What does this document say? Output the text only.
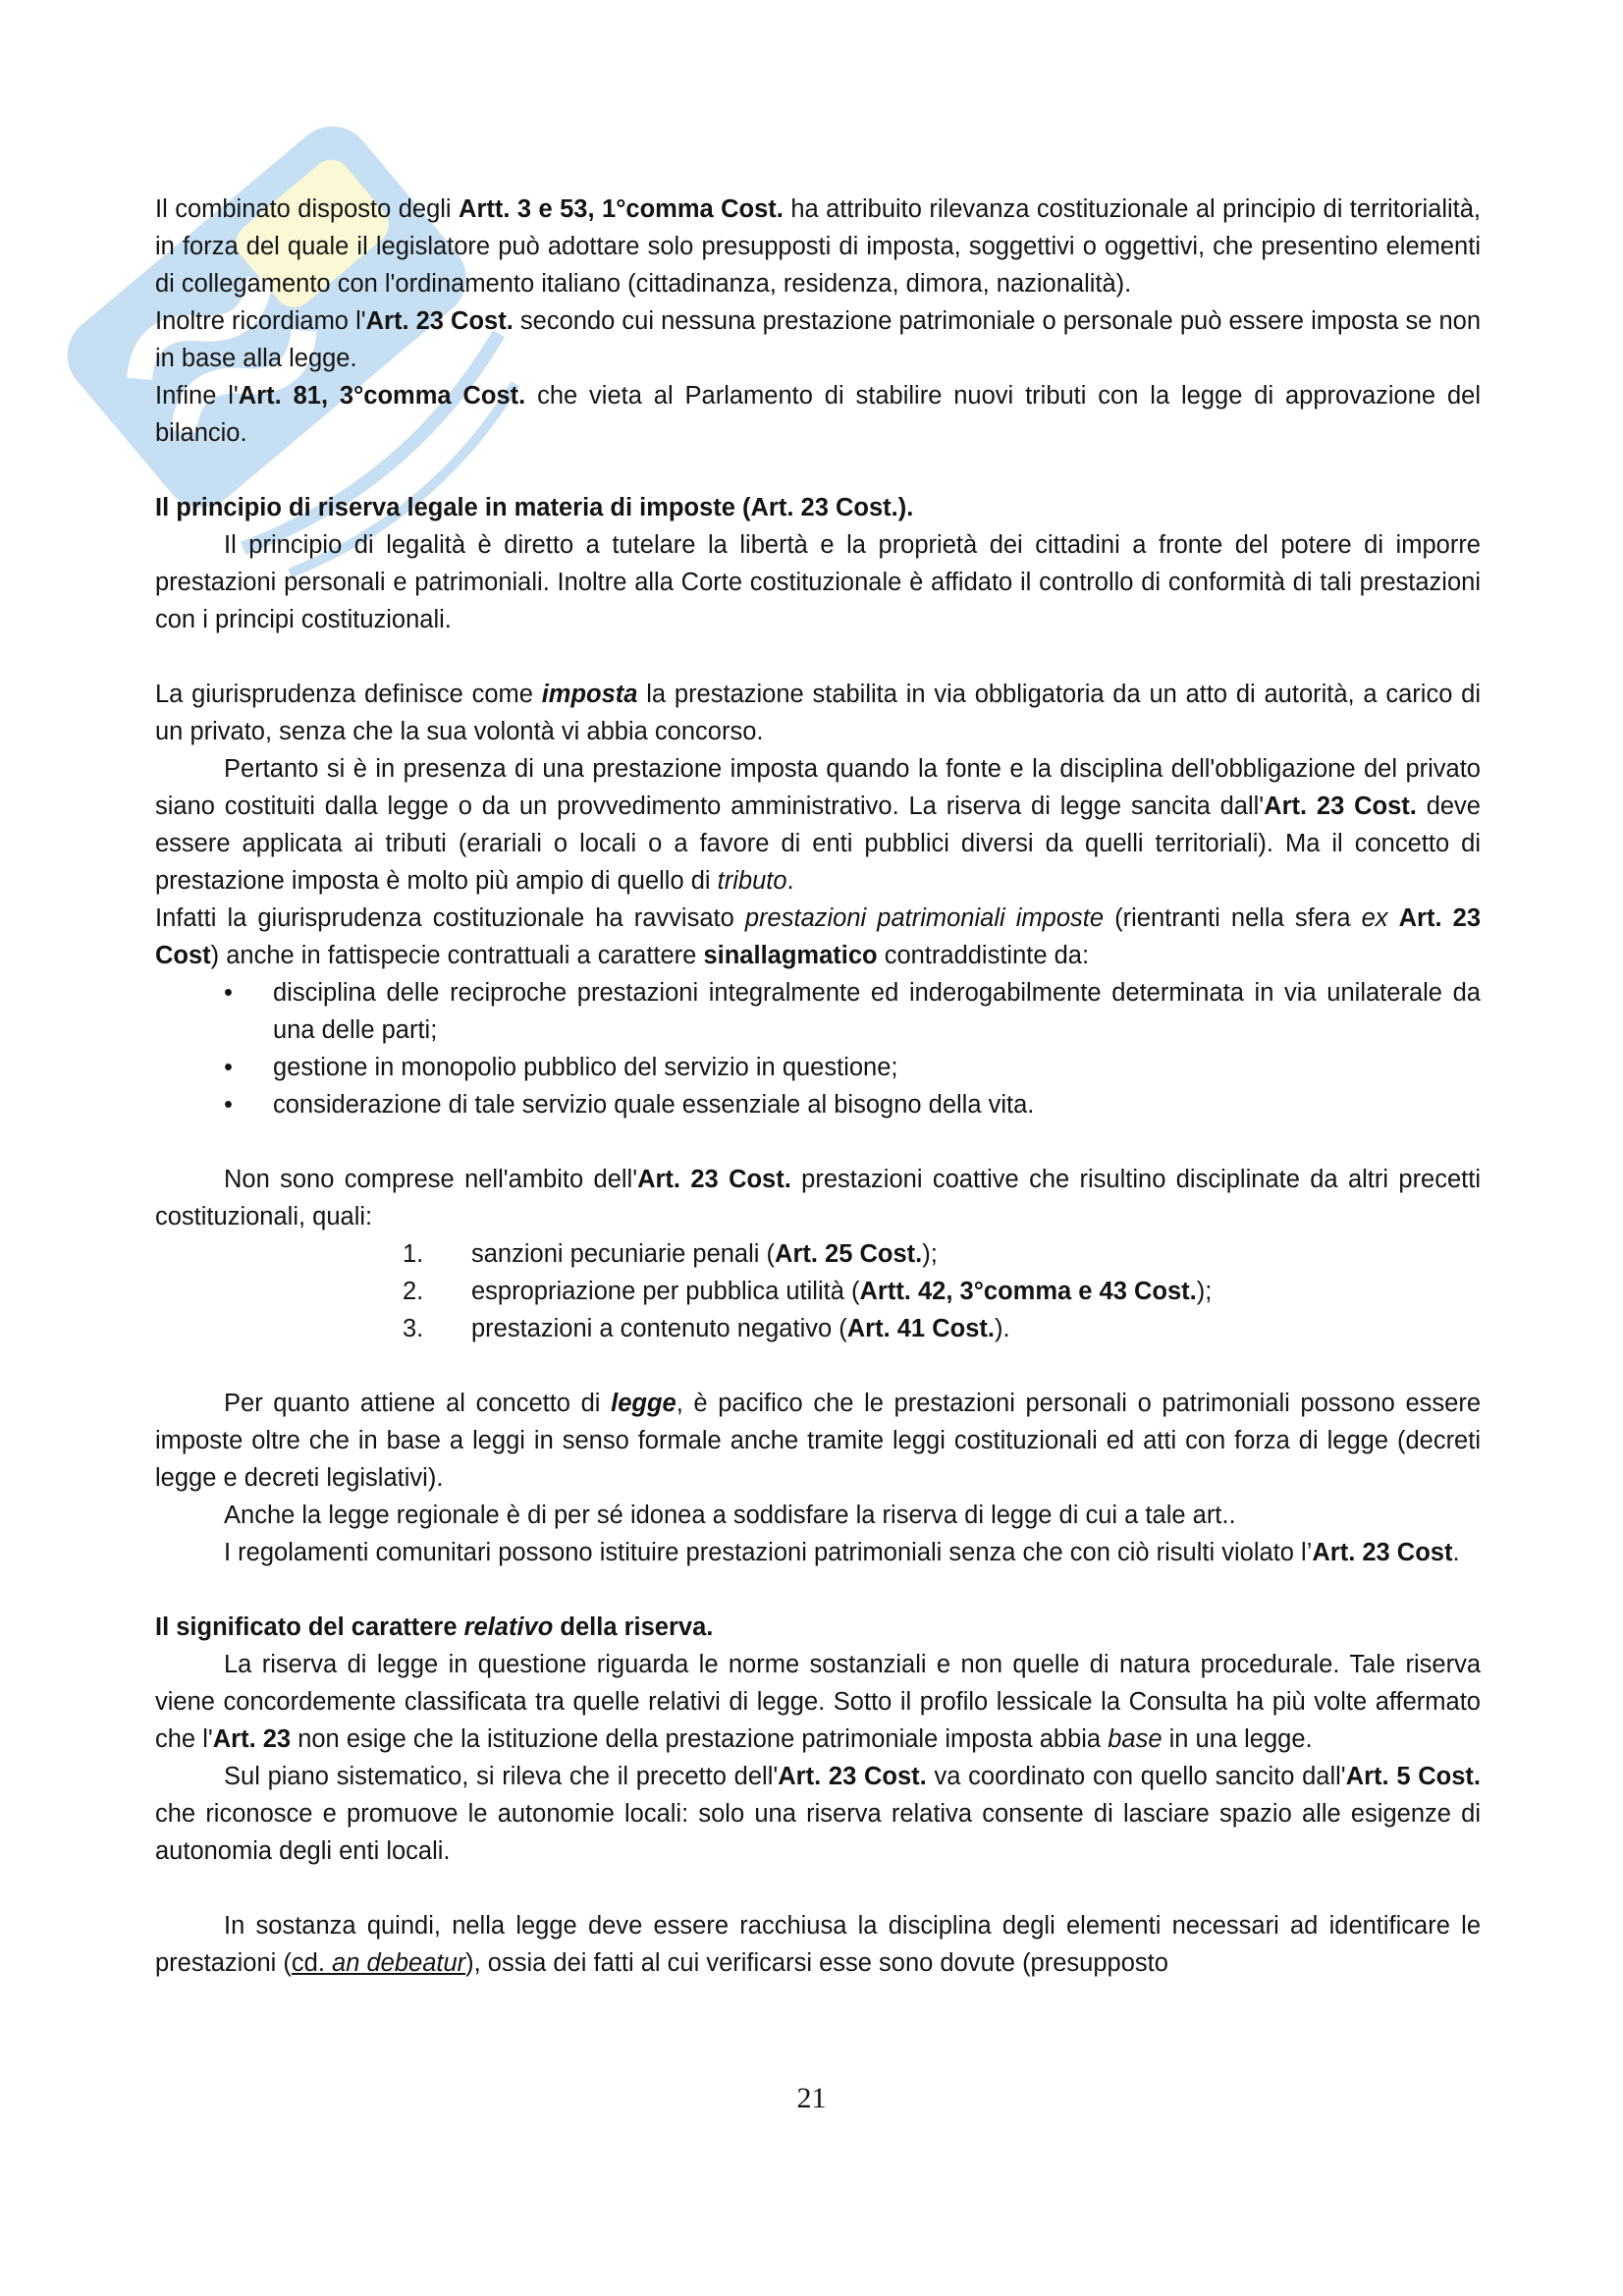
Il combinato disposto degli Artt. 3 e 53, 1°comma Cost. ha attribuito rilevanza costituzionale al principio di territorialità, in forza del quale il legislatore può adottare solo presupposti di imposta, soggettivi o oggettivi, che presentino elementi di collegamento con l'ordinamento italiano (cittadinanza, residenza, dimora, nazionalità).

Inoltre ricordiamo l'Art. 23 Cost. secondo cui nessuna prestazione patrimoniale o personale può essere imposta se non in base alla legge.

Infine l'Art. 81, 3°comma Cost. che vieta al Parlamento di stabilire nuovi tributi con la legge di approvazione del bilancio.

Il principio di riserva legale in materia di imposte (Art. 23 Cost.).

Il principio di legalità è diretto a tutelare la libertà e la proprietà dei cittadini a fronte del potere di imporre prestazioni personali e patrimoniali. Inoltre alla Corte costituzionale è affidato il controllo di conformità di tali prestazioni con i principi costituzionali.

La giurisprudenza definisce come imposta la prestazione stabilita in via obbligatoria da un atto di autorità, a carico di un privato, senza che la sua volontà vi abbia concorso.

Pertanto si è in presenza di una prestazione imposta quando la fonte e la disciplina dell'obbligazione del privato siano costituiti dalla legge o da un provvedimento amministrativo. La riserva di legge sancita dall'Art. 23 Cost. deve essere applicata ai tributi (erariali o locali o a favore di enti pubblici diversi da quelli territoriali). Ma il concetto di prestazione imposta è molto più ampio di quello di tributo.

Infatti la giurisprudenza costituzionale ha ravvisato prestazioni patrimoniali imposte (rientranti nella sfera ex Art. 23 Cost) anche in fattispecie contrattuali a carattere sinallagmatico contraddistinte da:

• disciplina delle reciproche prestazioni integralmente ed inderogabilmente determinata in via unilaterale da una delle parti;
• gestione in monopolio pubblico del servizio in questione;
• considerazione di tale servizio quale essenziale al bisogno della vita.

Non sono comprese nell'ambito dell'Art. 23 Cost. prestazioni coattive che risultino disciplinate da altri precetti costituzionali, quali:

1. sanzioni pecuniarie penali (Art. 25 Cost.);
2. espropriazione per pubblica utilità (Artt. 42, 3°comma e 43 Cost.);
3. prestazioni a contenuto negativo (Art. 41 Cost.).

Per quanto attiene al concetto di legge, è pacifico che le prestazioni personali o patrimoniali possono essere imposte oltre che in base a leggi in senso formale anche tramite leggi costituzionali ed atti con forza di legge (decreti legge e decreti legislativi).

Anche la legge regionale è di per sé idonea a soddisfare la riserva di legge di cui a tale art..

I regolamenti comunitari possono istituire prestazioni patrimoniali senza che con ciò risulti violato l’Art. 23 Cost.

Il significato del carattere relativo della riserva.

La riserva di legge in questione riguarda le norme sostanziali e non quelle di natura procedurale. Tale riserva viene concordemente classificata tra quelle relativi di legge. Sotto il profilo lessicale la Consulta ha più volte affermato che l'Art. 23 non esige che la istituzione della prestazione patrimoniale imposta abbia base in una legge.

Sul piano sistematico, si rileva che il precetto dell'Art. 23 Cost. va coordinato con quello sancito dall'Art. 5 Cost. che riconosce e promuove le autonomie locali: solo una riserva relativa consente di lasciare spazio alle esigenze di autonomia degli enti locali.

In sostanza quindi, nella legge deve essere racchiusa la disciplina degli elementi necessari ad identificare le prestazioni (cd. an debeatur), ossia dei fatti al cui verificarsi esse sono dovute (presupposto

21
